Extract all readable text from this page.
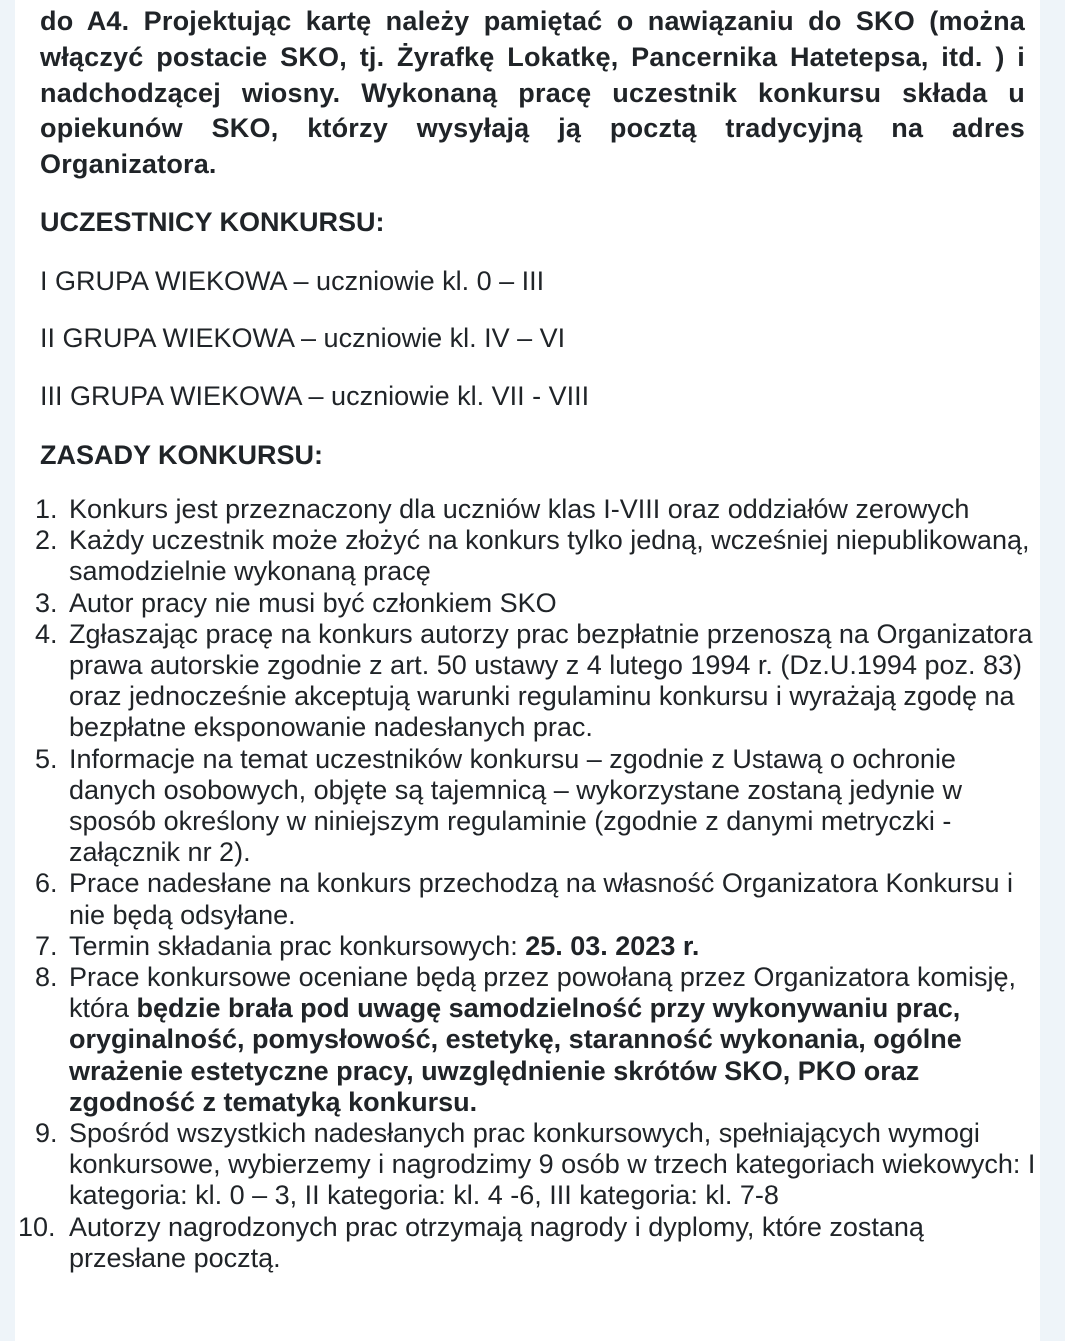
do A4. Projektując kartę należy pamiętać o nawiązaniu do SKO (można włączyć postacie SKO, tj. Żyrafkę Lokatkę, Pancernika Hatetepsa, itd. ) i nadchodzącej wiosny. Wykonaną pracę uczestnik konkursu składa u opiekunów SKO, którzy wysyłają ją pocztą tradycyjną na adres Organizatora.

UCZESTNICY KONKURSU:

I GRUPA WIEKOWA – uczniowie kl. 0 – III

II GRUPA WIEKOWA – uczniowie kl. IV – VI

III GRUPA WIEKOWA – uczniowie kl. VII - VIII

ZASADY KONKURSU:

1. Konkurs jest przeznaczony dla uczniów klas I-VIII oraz oddziałów zerowych
2. Każdy uczestnik może złożyć na konkurs tylko jedną, wcześniej niepublikowaną, samodzielnie wykonaną pracę
3. Autor pracy nie musi być członkiem SKO
4. Zgłaszając pracę na konkurs autorzy prac bezpłatnie przenoszą na Organizatora prawa autorskie zgodnie z art. 50 ustawy z 4 lutego 1994 r. (Dz.U.1994 poz. 83) oraz jednocześnie akceptują warunki regulaminu konkursu i wyrażają zgodę na bezpłatne eksponowanie nadesłanych prac.
5. Informacje na temat uczestników konkursu – zgodnie z Ustawą o ochronie danych osobowych, objęte są tajemnicą – wykorzystane zostaną jedynie w sposób określony w niniejszym regulaminie (zgodnie z danymi metryczki - załącznik nr 2).
6. Prace nadesłane na konkurs przechodzą na własność Organizatora Konkursu i nie będą odsyłane.
7. Termin składania prac konkursowych: 25. 03. 2023 r.
8. Prace konkursowe oceniane będą przez powołaną przez Organizatora komisję, która będzie brała pod uwagę samodzielność przy wykonywaniu prac, oryginalność, pomysłowość, estetykę, staranność wykonania, ogólne wrażenie estetyczne pracy, uwzględnienie skrótów SKO, PKO oraz zgodność z tematyką konkursu.
9. Spośród wszystkich nadesłanych prac konkursowych, spełniających wymogi konkursowe, wybierzemy i nagrodzimy 9 osób w trzech kategoriach wiekowych: I kategoria: kl. 0 – 3, II kategoria: kl. 4 -6, III kategoria: kl. 7-8
10. Autorzy nagrodzonych prac otrzymają nagrody i dyplomy, które zostaną przesłane pocztą.
